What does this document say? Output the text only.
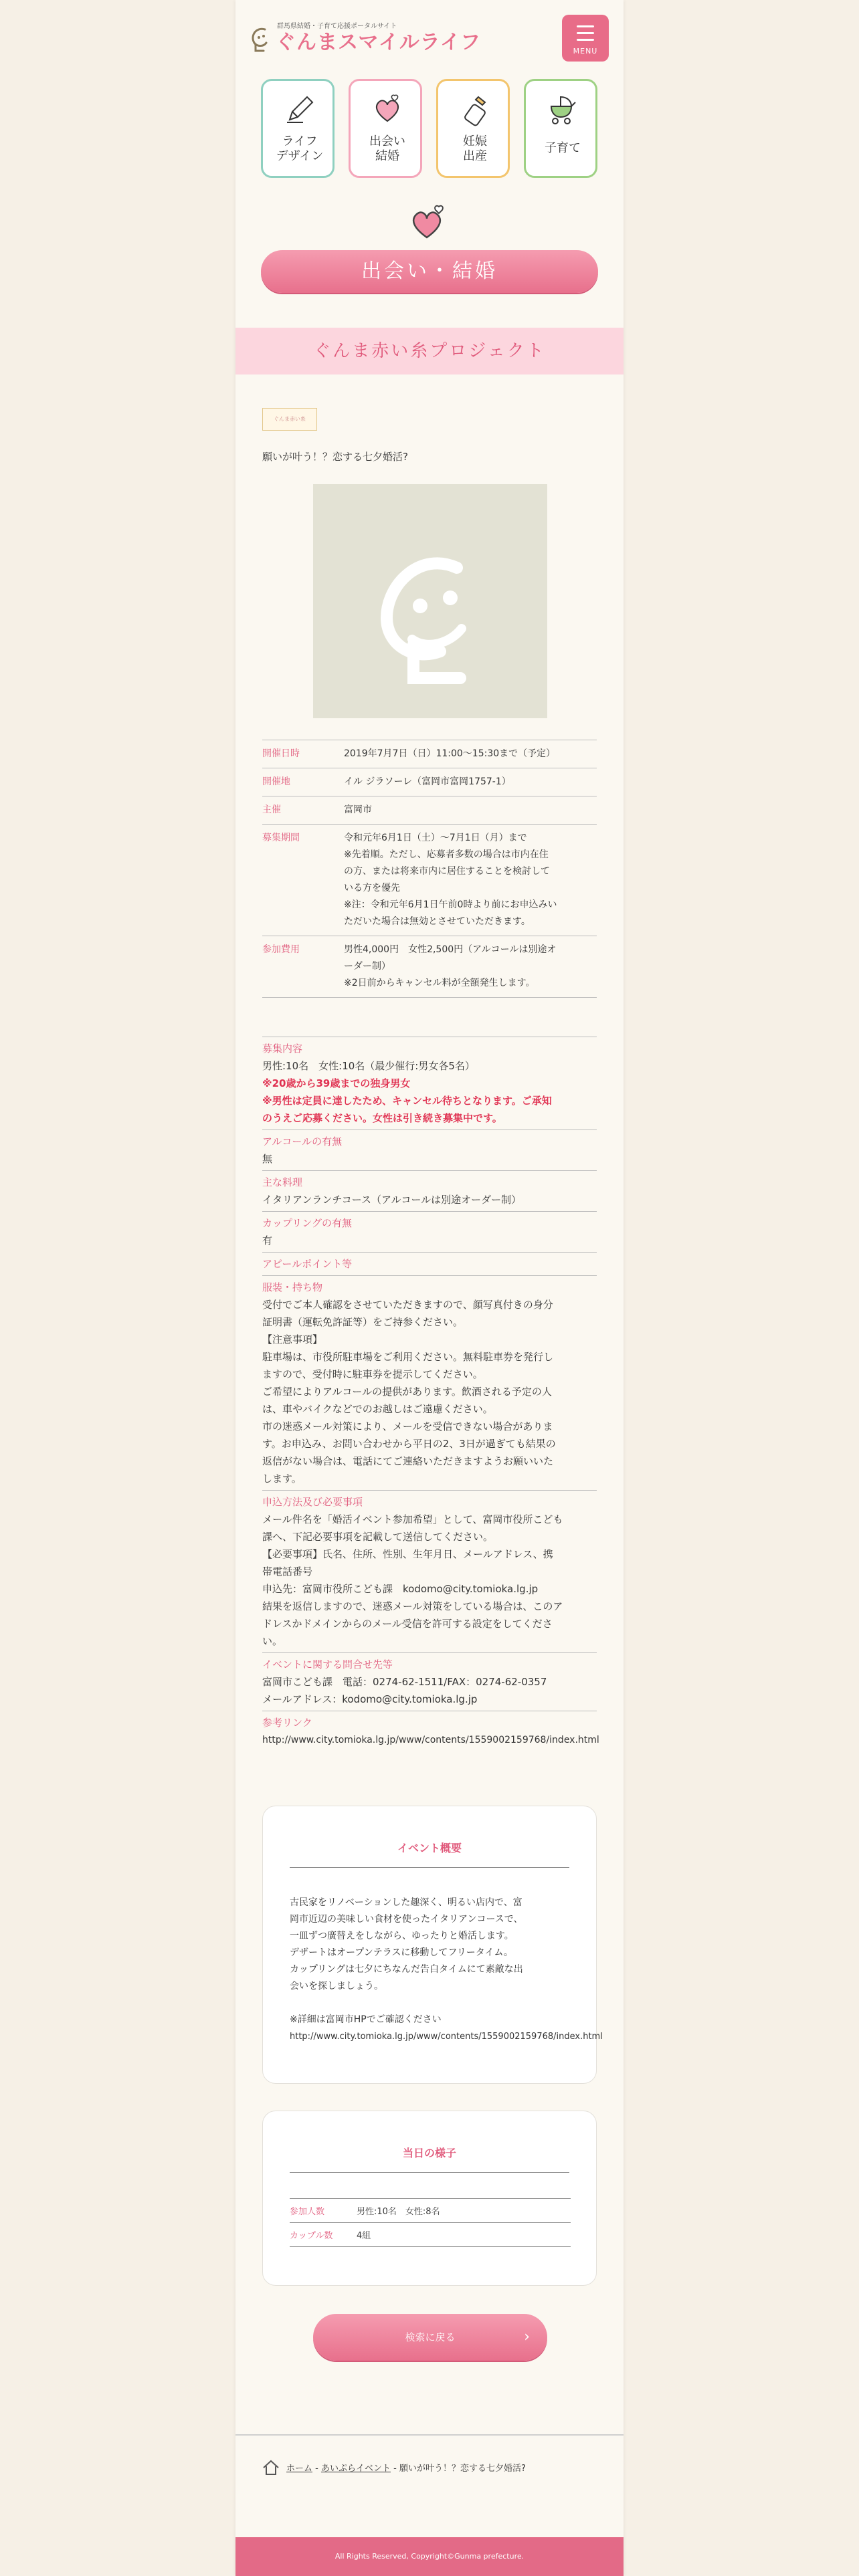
群馬県結婚・子育て応援ポータルサイト
ぐんまスマイルライフ	MENU
ライフ
デザイン
出会い
結婚
妊娠
出産
子育て
出会い・結婚
ぐんま赤い糸プロジェクト
ぐんま赤い糸
願いが叶う！？恋する七夕婚活?
開催日時	2019年7月7日（日）11:00〜15:30まで（予定）
開催地	イル ジラソーレ（富岡市富岡1757-1）
主催	富岡市
募集期間	令和元年6月1日（土）〜7月1日（月）まで
※先着順。ただし、応募者多数の場合は市内在住
の方、または将来市内に居住することを検討して
いる方を優先
※注：令和元年6月1日午前0時より前にお申込みい
ただいた場合は無効とさせていただきます。
参加費用	男性4,000円　女性2,500円（アルコールは別途オ
ーダー制）
※2日前からキャンセル料が全額発生します。
募集内容
男性:10名　女性:10名（最少催行:男女各5名）
※20歳から39歳までの独身男女
※男性は定員に達したため、キャンセル待ちとなります。ご承知
のうえご応募ください。女性は引き続き募集中です。
アルコールの有無
無
主な料理
イタリアンランチコース（アルコールは別途オーダー制）
カップリングの有無
有
アピールポイント等
服装・持ち物
受付でご本人確認をさせていただきますので、顔写真付きの身分
証明書（運転免許証等）をご持参ください。
【注意事項】
駐車場は、市役所駐車場をご利用ください。無料駐車券を発行し
ますので、受付時に駐車券を提示してください。
ご希望によりアルコールの提供があります。飲酒される予定の人
は、車やバイクなどでのお越しはご遠慮ください。
市の迷惑メール対策により、メールを受信できない場合がありま
す。お申込み、お問い合わせから平日の2、3日が過ぎても結果の
返信がない場合は、電話にてご連絡いただきますようお願いいた
します。
申込方法及び必要事項
メール件名を「婚活イベント参加希望」として、富岡市役所こども
課へ、下記必要事項を記載して送信してください。
【必要事項】氏名、住所、性別、生年月日、メールアドレス、携
帯電話番号
申込先：富岡市役所こども課　kodomo@city.tomioka.lg.jp
結果を返信しますので、迷惑メール対策をしている場合は、このア
ドレスかドメインからのメール受信を許可する設定をしてくださ
い。
イベントに関する問合せ先等
富岡市こども課　電話：0274-62-1511/FAX：0274-62-0357
メールアドレス：kodomo@city.tomioka.lg.jp
参考リンク
http://www.city.tomioka.lg.jp/www/contents/1559002159768/index.html
イベント概要
古民家をリノベーションした趣深く、明るい店内で、富
岡市近辺の美味しい食材を使ったイタリアンコースで、
一皿ずつ廣替えをしながら、ゆったりと婚活します。
デザートはオープンテラスに移動してフリータイム。
カップリングは七夕にちなんだ告白タイムにて素敵な出
会いを探しましょう。
※詳細は富岡市HPでご確認ください
http://www.city.tomioka.lg.jp/www/contents/1559002159768/index.html
当日の様子
参加人数	男性:10名　女性:8名
カップル数	4組
検索に戻る	›
ホーム - あいぷらイベント - 願いが叶う！？恋する七夕婚活?
All Rights Reserved, Copyright©Gunma prefecture.
